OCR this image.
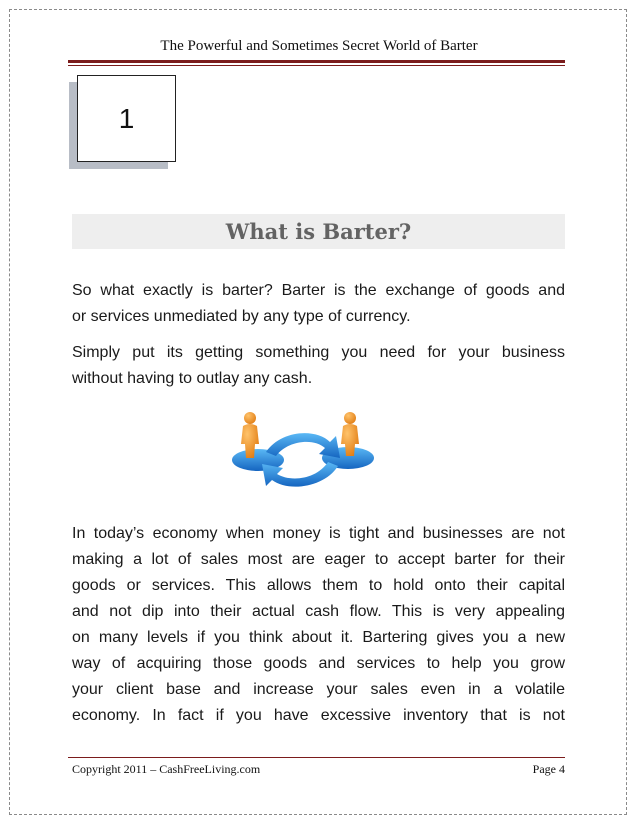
The Powerful and Sometimes Secret World of Barter
1
What is Barter?

So what exactly is barter? Barter is the exchange of goods and
or services unmediated by any type of currency.

Simply put its getting something you need for your business
without having to outlay any cash.

In today’s economy when money is tight and businesses are not
making a lot of sales most are eager to accept barter for their
goods or services. This allows them to hold onto their capital
and not dip into their actual cash flow. This is very appealing
on many levels if you think about it. Bartering gives you a new
way of acquiring those goods and services to help you grow
your client base and increase your sales even in a volatile
economy. In fact if you have excessive inventory that is not

Copyright 2011 – CashFreeLiving.com	Page 4
